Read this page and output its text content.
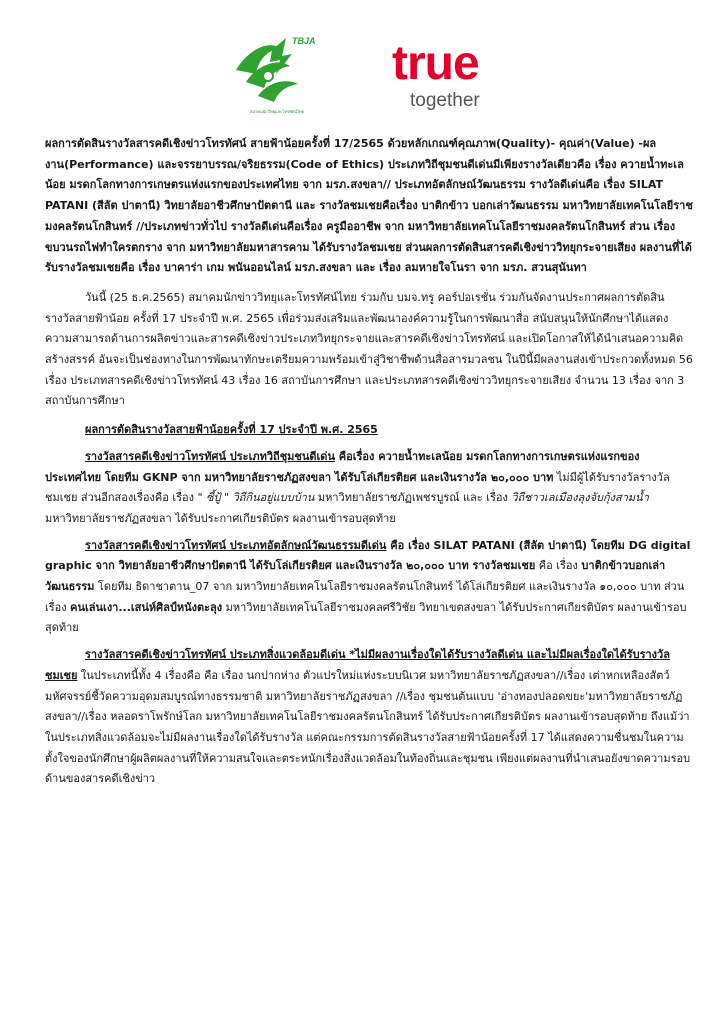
TBJA
สมาคมนักวิทยุและโทรทัศน์ไทย
true
together

ผลการตัดสินรางวัลสารคดีเชิงข่าวโทรทัศน์ สายฟ้าน้อยครั้งที่ 17/2565 ด้วยหลักเกณฑ์คุณภาพ(Quality)- คุณค่า(Value) -ผลงาน(Performance) และจรรยาบรรณ/จริยธรรม(Code of Ethics) ประเภทวิถีชุมชนดีเด่นมีเพียงรางวัลเดียวคือ เรื่อง ควายน้ำทะเลน้อย มรดกโลกทางการเกษตรแห่งแรกของประเทศไทย จาก มรภ.สงขลา// ประเภทอัตลักษณ์วัฒนธรรม รางวัลดีเด่นคือ เรื่อง SILAT PATANI (สีลัต ปาตานี) วิทยาลัยอาชีวศึกษาปัตตานี และ รางวัลชมเชยคือเรื่อง บาติกข้าว บอกเล่าวัฒนธรรม มหาวิทยาลัยเทคโนโลยีราชมงคลรัตนโกสินทร์ //ประเภทข่าวทั่วไป รางวัลดีเด่นคือเรื่อง ครูมืออาชีพ จาก มหาวิทยาลัยเทคโนโลยีราชมงคลรัตนโกสินทร์ ส่วน เรื่อง ขบวนรถไฟทำใครตกราง จาก มหาวิทยาลัยมหาสารคาม ได้รับรางวัลชมเชย ส่วนผลการตัดสินสารคดีเชิงข่าววิทยุกระจายเสียง ผลงานที่ได้รับรางวัลชมเชยคือ เรื่อง บาคาร่า เกม พนันออนไลน์ มรภ.สงขลา และ เรื่อง ลมหายใจโนรา จาก มรภ. สวนสุนันทา

วันนี้ (25 ธ.ค.2565) สมาคมนักข่าววิทยุและโทรทัศน์ไทย ร่วมกับ บมจ.ทรู คอร์ปอเรชั่น ร่วมกันจัดงานประกาศผลการตัดสินรางวัลสายฟ้าน้อย ครั้งที่ 17 ประจำปี พ.ศ. 2565 เพื่อร่วมส่งเสริมและพัฒนาองค์ความรู้ในการพัฒนาสื่อ สนับสนุนให้นักศึกษาได้แสดงความสามารถด้านการผลิตข่าวและสารคดีเชิงข่าวประเภทวิทยุกระจายและสารคดีเชิงข่าวโทรทัศน์ และเปิดโอกาสให้ได้นำเสนอความคิดสร้างสรรค์ อันจะเป็นช่องทางในการพัฒนาทักษะเตรียมความพร้อมเข้าสู่วิชาชีพด้านสื่อสารมวลชน ในปีนี้มีผลงานส่งเข้าประกวดทั้งหมด 56 เรื่อง ประเภทสารคดีเชิงข่าวโทรทัศน์ 43 เรื่อง 16 สถาบันการศึกษา และประเภทสารคดีเชิงข่าววิทยุกระจายเสียง จำนวน 13 เรื่อง จาก 3 สถาบันการศึกษา

ผลการตัดสินรางวัลสายฟ้าน้อยครั้งที่ 17 ประจำปี พ.ศ. 2565

รางวัลสารคดีเชิงข่าวโทรทัศน์ ประเภทวิถีชุมชนดีเด่น คือเรื่อง ควายน้ำทะเลน้อย มรดกโลกทางการเกษตรแห่งแรกของประเทศไทย โดยทีม GKNP จาก มหาวิทยาลัยราชภัฏสงขลา ได้รับโล่เกียรติยศ และเงินรางวัล ๒๐,๐๐๐ บาท ไม่มีผู้ได้รับรางวัลรางวัลชมเชย ส่วนอีกสองเรื่องคือ เรื่อง " ซี้ปู้ " วิถีกินอยู่แบบบ้าน มหาวิทยาลัยราชภัฏเพชรบูรณ์ และ เรื่อง วิถีชาวเลเมืองลุงจับกุ้งสามน้ำ มหาวิทยาลัยราชภัฏสงขลา ได้รับประกาศเกียรติบัตร ผลงานเข้ารอบสุดท้าย

รางวัลสารคดีเชิงข่าวโทรทัศน์ ประเภทอัตลักษณ์วัฒนธรรมดีเด่น คือ เรื่อง SILAT PATANI (สีลัต ปาตานี) โดยทีม DG digital graphic จาก วิทยาลัยอาชีวศึกษาปัตตานี ได้รับโล่เกียรติยศ และเงินรางวัล ๒๐,๐๐๐ บาท รางวัลชมเชย คือ เรื่อง บาติกข้าวบอกเล่าวัฒนธรรม โดยทีม ธิดาชาตาน_07 จาก มหาวิทยาลัยเทคโนโลยีราชมงคลรัตนโกสินทร์ ได้โล่เกียรติยศ และเงินรางวัล ๑๐,๐๐๐ บาท ส่วนเรื่อง คนเล่นเงา...เสน่ห์ศิลป์หนังตะลุง มหาวิทยาลัยเทคโนโลยีราชมงคลศรีวิชัย วิทยาเขตสงขลา ได้รับประกาศเกียรติบัตร ผลงานเข้ารอบสุดท้าย

รางวัลสารคดีเชิงข่าวโทรทัศน์ ประเภทสิ่งแวดล้อมดีเด่น *ไม่มีผลงานเรื่องใดได้รับรางวัลดีเด่น และไม่มีผลเรื่องใดได้รับรางวัลชมเชย ในประเภทนี้ทั้ง 4 เรื่องคือ คือ เรื่อง นกปากห่าง ตัวแปรใหม่แห่งระบบนิเวศ มหาวิทยาลัยราชภัฏสงขลา//เรื่อง เต่าหกเหลืองสัตว์มหัศจรรย์ชี้วัดความอุดมสมบูรณ์ทางธรรมชาติ มหาวิทยาลัยราชภัฏสงขลา //เรื่อง ชุมชนต้นแบบ 'อ่างทองปลอดขยะ'มหาวิทยาลัยราชภัฏสงขลา//เรื่อง หลอดราโพรักษ์โลก มหาวิทยาลัยเทคโนโลยีราชมงคลรัตนโกสินทร์ ได้รับประกาศเกียรติบัตร ผลงานเข้ารอบสุดท้าย ถึงแม้ว่าในประเภทสิ่งแวดล้อมจะไม่มีผลงานเรื่องใดได้รับรางวัล แต่คณะกรรมการตัดสินรางวัลสายฟ้าน้อยครั้งที่ 17 ได้แสดงความชื่นชมในความตั้งใจของนักศึกษาผู้ผลิตผลงานที่ให้ความสนใจและตระหนักเรื่องสิ่งแวดล้อมในท้องถิ่นและชุมชน เพียงแต่ผลงานที่นำเสนอยังขาดความรอบด้านของสารคดีเชิงข่าว
